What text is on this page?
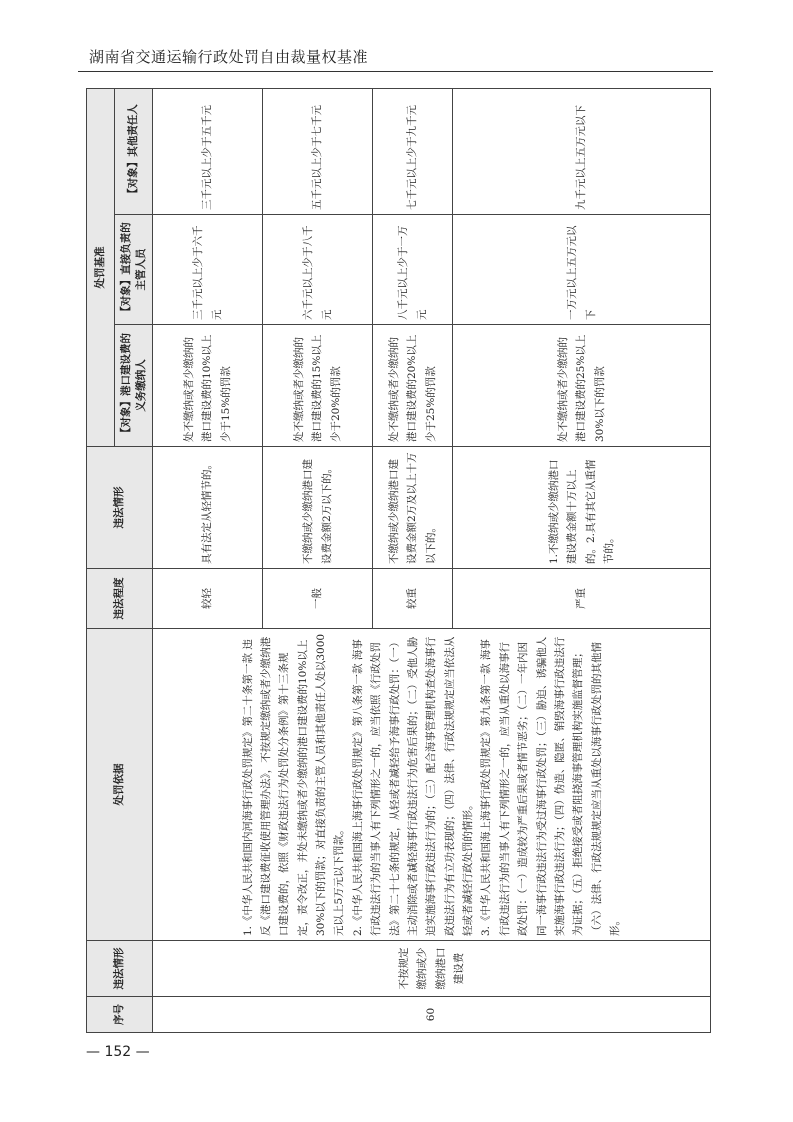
湖南省交通运输行政处罚自由裁量权基准
序号	违法情形	处罚依据	违法程度	违法情形	处罚基准		
					【对象】港口建设费的义务缴纳人	【对象】直接负责的主管人员	【对象】其他责任人
60	不按规定缴纳或少缴纳港口建设费	1.《中华人民共和国内河海事行政处罚规定》第二十条第一款 违反《港口建设费征收使用管理办法》，不按规定缴纳或者少缴纳港口建设费的，依照《财政违法行为处罚处分条例》第十三条规定，责令改正，并处未缴纳或者少缴纳的港口建设费的10%以上30%以下的罚款；对直接负责的主管人员和其他责任人处以3000元以上5万元以下罚款。 2.《中华人民共和国海上海事行政处罚规定》第八条第一款 海事行政违法行为的当事人有下列情形之一的，应当依照《行政处罚法》第二十七条的规定，从轻或者减轻给予海事行政处罚：（一）主动消除或者减轻海事行政违法行为危害后果的；（二）受他人胁迫实施海事行政违法行为的；（三）配合海事管理机构查处海事行政违法行为有立功表现的；（四）法律、行政法规规定应当依法从轻或者减轻行政处罚的情形。 3.《中华人民共和国海上海事行政处罚规定》第九条第一款 海事行政违法行为的当事人有下列情形之一的，应当从重处以海事行政处罚：（一）造成较为严重后果或者情节恶劣；（二）一年内因同一海事行政违法行为受过海事行政处罚；（三）胁迫、诱骗他人实施海事行政违法行为；（四）伪造、隐匿、销毁海事行政违法行为证据；（五）拒绝接受或者阻挠海事管理机构实施监督管理；（六）法律、行政法规规定应当从重处以海事行政处罚的其他情形。	较轻	具有法定从轻情节的。	处不缴纳或者少缴纳的港口建设费的10%以上少于15%的罚款	三千元以上少于六千元	三千元以上少于五千元
			一般	不缴纳或少缴纳港口建设费金额2万以下的。	处不缴纳或者少缴纳的港口建设费的15%以上少于20%的罚款	六千元以上少于八千元	五千元以上少于七千元
			较重	不缴纳或少缴纳港口建设费金额2万及以上十万以下的。	处不缴纳或者少缴纳的港口建设费的20%以上少于25%的罚款	八千元以上少于一万元	七千元以上少于九千元
			严重	1.不缴纳或少缴纳港口建设费金额十万以上的。2.具有其它从重情节的。	处不缴纳或者少缴纳的港口建设费的25%以上30%以下的罚款	一万元以上五万元以下	九千元以上五万元以下
— 152 —
